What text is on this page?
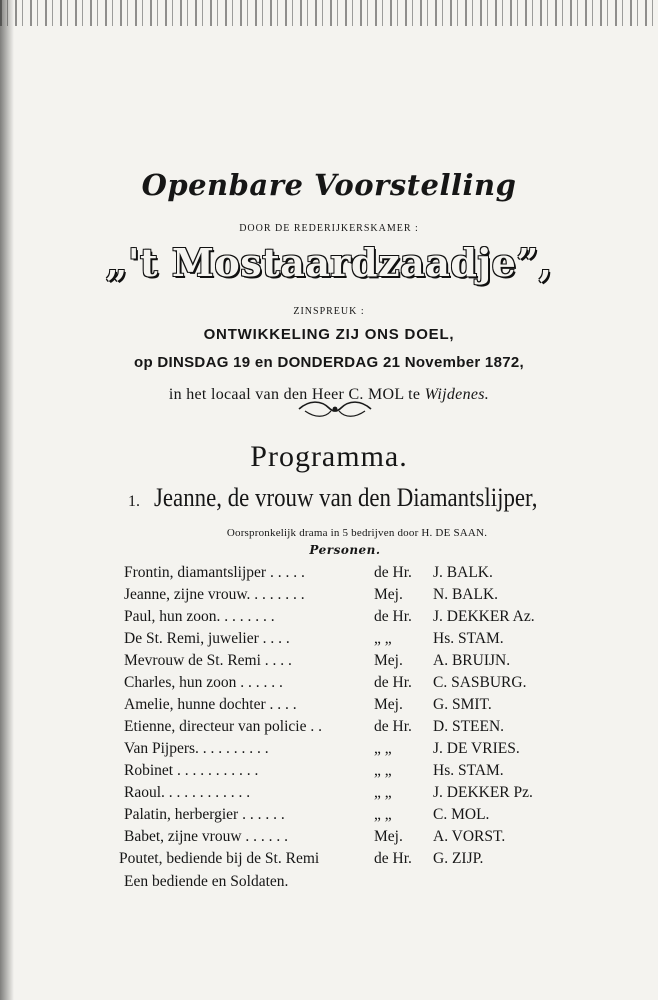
Openbare Voorstelling
DOOR DE REDERIJKERSKAMER :
„'t Mostaardzaadje”,
ZINSPREUK :
ONTWIKKELING ZIJ ONS DOEL,
op DINSDAG 19 en DONDERDAG 21 November 1872,
in het locaal van den Heer C. MOL te Wijdenes.
Programma.
1. Jeanne, de vrouw van den Diamantslijper,
Oorspronkelijk drama in 5 bedrijven door H. DE SAAN.
Personen.
Frontin, diamantslijper . . . . .	de Hr. J. BALK.
Jeanne, zijne vrouw. . . . . . . .	Mej. N. BALK.
Paul, hun zoon. . . . . . . .	de Hr. J. DEKKER Az.
De St. Remi, juwelier . . . .	„ „	Hs. STAM.
Mevrouw de St. Remi . . . .	Mej. A. BRUIJN.
Charles, hun zoon . . . . . .	de Hr. C. SASBURG.
Amelie, hunne dochter . . . .	Mej. G. SMIT.
Etienne, directeur van policie . .	de Hr. D. STEEN.
Van Pijpers. . . . . . . . . .	„ „	J. DE VRIES.
Robinet . . . . . . . . . . .	„ „	Hs. STAM.
Raoul. . . . . . . . . . . .	„ „	J. DEKKER Pz.
Palatin, herbergier . . . . . .	„ „	C. MOL.
Babet, zijne vrouw . . . . . .	Mej. A. VORST.
Poutet, bediende bij de St. Remi	de Hr. G. ZIJP.
Een bediende en Soldaten.
